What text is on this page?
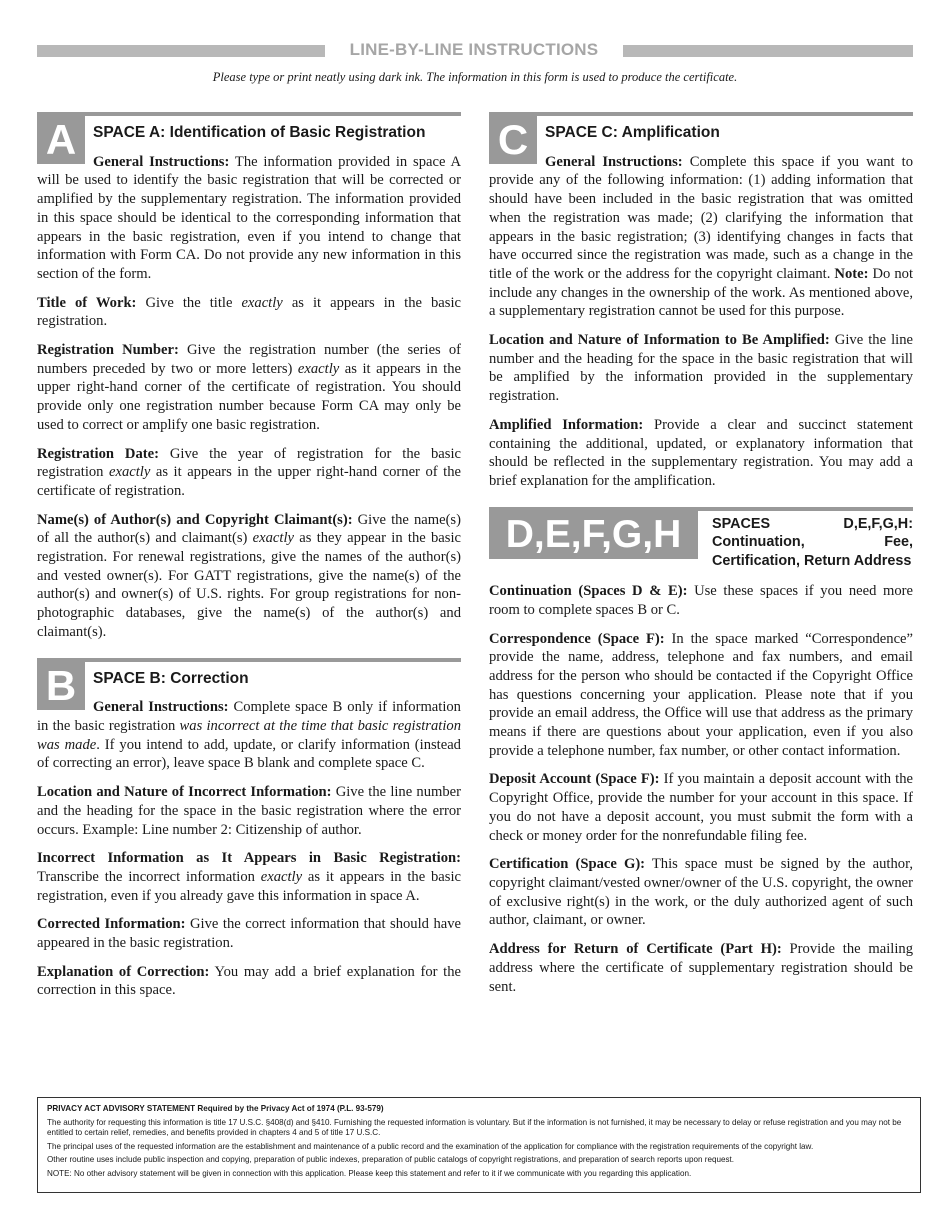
LINE-BY-LINE INSTRUCTIONS
Please type or print neatly using dark ink. The information in this form is used to produce the certificate.
A	SPACE A: Identification of Basic Registration

General Instructions: The information provided in space A will be used to identify the basic registration that will be corrected or amplified by the supplementary registration. The information provided in this space should be identical to the corresponding information that appears in the basic registration, even if you intend to change that information with Form CA. Do not provide any new information in this section of the form.

Title of Work: Give the title exactly as it appears in the basic registration.

Registration Number: Give the registration number (the series of numbers preceded by two or more letters) exactly as it appears in the upper right-hand corner of the certificate of registration. You should provide only one registration number because Form CA may only be used to correct or amplify one basic registration.

Registration Date: Give the year of registration for the basic registration exactly as it appears in the upper right-hand corner of the certificate of registration.

Name(s) of Author(s) and Copyright Claimant(s): Give the name(s) of all the author(s) and claimant(s) exactly as they appear in the basic registration. For renewal registrations, give the names of the author(s) and vested owner(s). For GATT registrations, give the name(s) of the author(s) and owner(s) of U.S. rights. For group registrations for non-photographic databases, give the name(s) of the author(s) and claimant(s).

B	SPACE B: Correction

General Instructions: Complete space B only if information in the basic registration was incorrect at the time that basic registration was made. If you intend to add, update, or clarify information (instead of correcting an error), leave space B blank and complete space C.

Location and Nature of Incorrect Information: Give the line number and the heading for the space in the basic registration where the error occurs. Example: Line number 2: Citizenship of author.

Incorrect Information as It Appears in Basic Registration: Transcribe the incorrect information exactly as it appears in the basic registration, even if you already gave this information in space A.

Corrected Information: Give the correct information that should have appeared in the basic registration.

Explanation of Correction: You may add a brief explanation for the correction in this space.

C	SPACE C: Amplification

General Instructions: Complete this space if you want to provide any of the following information: (1) adding information that should have been included in the basic registration that was omitted when the registration was made; (2) clarifying the information that appears in the basic registration; (3) identifying changes in facts that have occurred since the registration was made, such as a change in the title of the work or the address for the copyright claimant. Note: Do not include any changes in the ownership of the work. As mentioned above, a supplementary registration cannot be used for this purpose.

Location and Nature of Information to Be Amplified: Give the line number and the heading for the space in the basic registration that will be amplified by the information provided in the supplementary registration.

Amplified Information: Provide a clear and succinct statement containing the additional, updated, or explanatory information that should be reflected in the supplementary registration. You may add a brief explanation for the amplification.

D,E,F,G,H	SPACES D,E,F,G,H: Continuation, Fee, Certification, Return Address

Continuation (Spaces D & E): Use these spaces if you need more room to complete spaces B or C.

Correspondence (Space F): In the space marked “Correspondence” provide the name, address, telephone and fax numbers, and email address for the person who should be contacted if the Copyright Office has questions concerning your application. Please note that if you provide an email address, the Office will use that address as the primary means if there are questions about your application, even if you also provide a telephone number, fax number, or other contact information.

Deposit Account (Space F): If you maintain a deposit account with the Copyright Office, provide the number for your account in this space. If you do not have a deposit account, you must submit the form with a check or money order for the nonrefundable filing fee.

Certification (Space G): This space must be signed by the author, copyright claimant/vested owner/owner of the U.S. copyright, the owner of exclusive right(s) in the work, or the duly authorized agent of such author, claimant, or owner.

Address for Return of Certificate (Part H): Provide the mailing address where the certificate of supplementary registration should be sent.

PRIVACY ACT ADVISORY STATEMENT Required by the Privacy Act of 1974 (P.L. 93-579)

The authority for requesting this information is title 17 U.S.C. §408(d) and §410. Furnishing the requested information is voluntary. But if the information is not furnished, it may be necessary to delay or refuse registration and you may not be entitled to certain relief, remedies, and benefits provided in chapters 4 and 5 of title 17 U.S.C.

The principal uses of the requested information are the establishment and maintenance of a public record and the examination of the application for compliance with the registration requirements of the copyright law.

Other routine uses include public inspection and copying, preparation of public indexes, preparation of public catalogs of copyright registrations, and preparation of search reports upon request.

NOTE: No other advisory statement will be given in connection with this application. Please keep this statement and refer to it if we communicate with you regarding this application.
